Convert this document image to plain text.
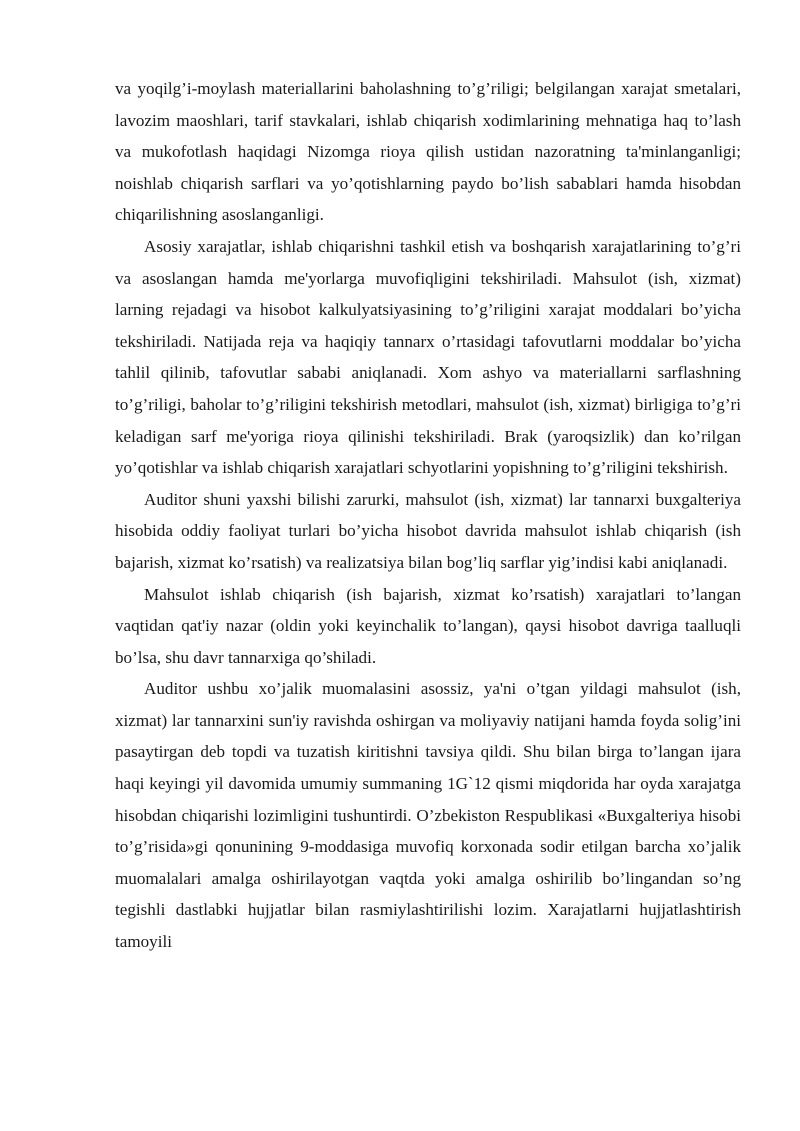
va yoqilg’i-moylash materiallarini baholashning to’g’riligi; belgilangan xarajat smetalari, lavozim maoshlari, tarif stavkalari, ishlab chiqarish xodimlarining mehnatiga haq to’lash va mukofotlash haqidagi Nizomga rioya qilish ustidan nazoratning ta'minlanganligi; noishlab chiqarish sarflari va yo’qotishlarning paydo bo’lish sabablari hamda hisobdan chiqarilishning asoslanganligi.

Asosiy xarajatlar, ishlab chiqarishni tashkil etish va boshqarish xarajatlarining to’g’ri va asoslangan hamda me'yorlarga muvofiqligini tekshiriladi. Mahsulot (ish, xizmat) larning rejadagi va hisobot kalkulyatsiyasining to’g’riligini xarajat moddalari bo’yicha tekshiriladi. Natijada reja va haqiqiy tannarx o’rtasidagi tafovutlarni moddalar bo’yicha tahlil qilinib, tafovutlar sababi aniqlanadi. Xom ashyo va materiallarni sarflashning to’g’riligi, baholar to’g’riligini tekshirish metodlari, mahsulot (ish, xizmat) birligiga to’g’ri keladigan sarf me'yoriga rioya qilinishi tekshiriladi. Brak (yaroqsizlik) dan ko’rilgan yo’qotishlar va ishlab chiqarish xarajatlari schyotlarini yopishning to’g’riligini tekshirish.

Auditor shuni yaxshi bilishi zarurki, mahsulot (ish, xizmat) lar tannarxi buxgalteriya hisobida oddiy faoliyat turlari bo’yicha hisobot davrida mahsulot ishlab chiqarish (ish bajarish, xizmat ko’rsatish) va realizatsiya bilan bog’liq sarflar yig’indisi kabi aniqlanadi.

Mahsulot ishlab chiqarish (ish bajarish, xizmat ko’rsatish) xarajatlari to’langan vaqtidan qat'iy nazar (oldin yoki keyinchalik to’langan), qaysi hisobot davriga taalluqli bo’lsa, shu davr tannarxiga qo’shiladi.

Auditor ushbu xo’jalik muomalasini asossiz, ya'ni o’tgan yildagi mahsulot (ish, xizmat) lar tannarxini sun'iy ravishda oshirgan va moliyaviy natijani hamda foyda solig’ini pasaytirgan deb topdi va tuzatish kiritishni tavsiya qildi. Shu bilan birga to’langan ijara haqi keyingi yil davomida umumiy summaning 1G`12 qismi miqdorida har oyda xarajatga hisobdan chiqarishi lozimligini tushuntirdi. O’zbekiston Respublikasi «Buxgalteriya hisobi to’g’risida»gi qonunining 9-moddasiga muvofiq korxonada sodir etilgan barcha xo’jalik muomalalari amalga oshirilayotgan vaqtda yoki amalga oshirilib bo’lingandan so’ng tegishli dastlabki hujjatlar bilan rasmiylashtirilishi lozim. Xarajatlarni hujjatlashtirish tamoyili
